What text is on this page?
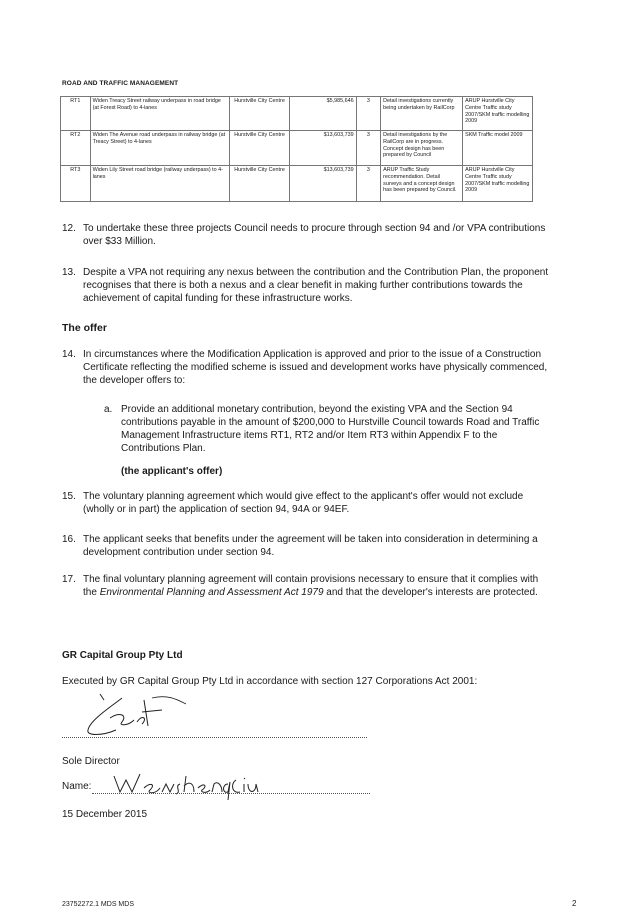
ROAD AND TRAFFIC MANAGEMENT
RT1	Widen Treacy Street railway underpass in road bridge (at Forest Road) to 4-lanes	Hurstville City Centre	$5,985,646	3	Detail investigations currently being undertaken by RailCorp	ARUP Hurstville City Centre Traffic study 2007/SKM traffic modelling 2009
RT2	Widen The Avenue road underpass in railway bridge (at Treacy Street) to 4-lanes	Hurstville City Centre	$13,603,739	3	Detail investigations by the RailCorp are in progress. Concept design has been prepared by Council	SKM Traffic model 2009
RT3	Widen Lily Street road bridge (railway underpass) to 4-lanes	Hurstville City Centre	$13,603,739	3	ARUP Traffic Study recommendation. Detail surveys and a concept design has been prepared by Council.	ARUP Hurstville City Centre Traffic study 2007/SKM traffic modelling 2009
12. To undertake these three projects Council needs to procure through section 94 and /or VPA contributions over $33 Million.
13. Despite a VPA not requiring any nexus between the contribution and the Contribution Plan, the proponent recognises that there is both a nexus and a clear benefit in making further contributions towards the achievement of capital funding for these infrastructure works.
The offer
14. In circumstances where the Modification Application is approved and prior to the issue of a Construction Certificate reflecting the modified scheme is issued and development works have physically commenced, the developer offers to:
a. Provide an additional monetary contribution, beyond the existing VPA and the Section 94 contributions payable in the amount of $200,000 to Hurstville Council towards Road and Traffic Management Infrastructure items RT1, RT2 and/or Item RT3 within Appendix F to the Contributions Plan.
(the applicant's offer)
15. The voluntary planning agreement which would give effect to the applicant's offer would not exclude (wholly or in part) the application of section 94, 94A or 94EF.
16. The applicant seeks that benefits under the agreement will be taken into consideration in determining a development contribution under section 94.
17. The final voluntary planning agreement will contain provisions necessary to ensure that it complies with the Environmental Planning and Assessment Act 1979 and that the developer's interests are protected.
GR Capital Group Pty Ltd
Executed by GR Capital Group Pty Ltd in accordance with section 127 Corporations Act 2001:
Sole Director
Name:
15 December 2015
23752272.1 MDS MDS	2
